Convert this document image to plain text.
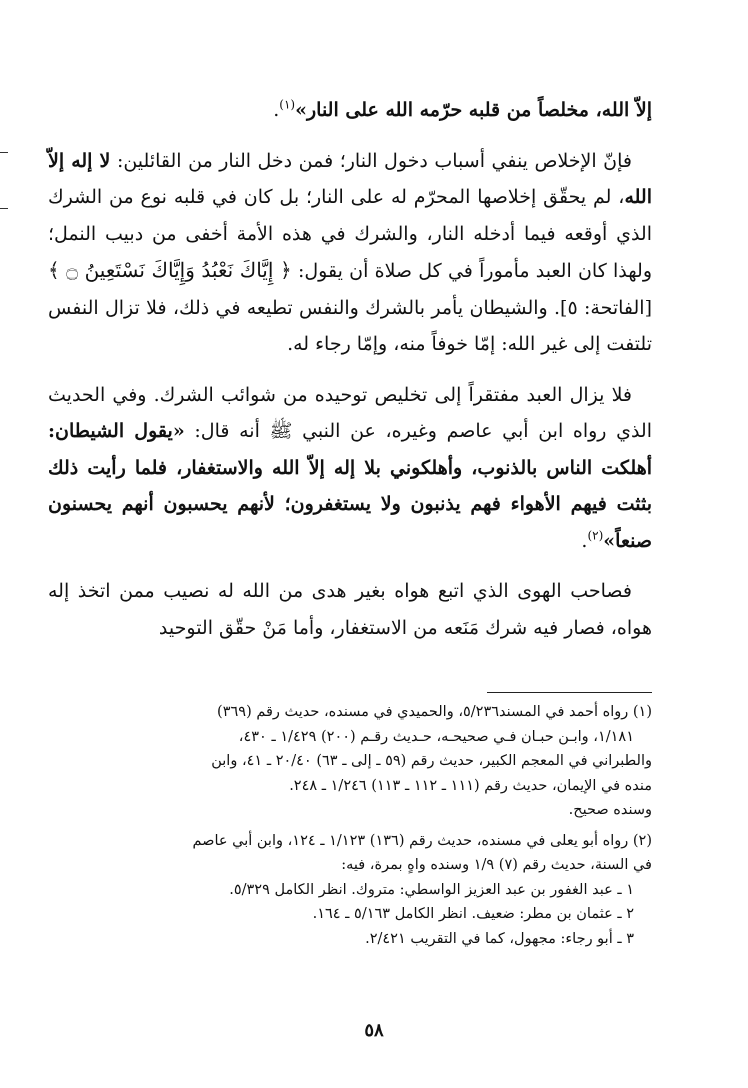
إلاّ الله، مخلصاً من قلبه حرّمه الله على النار»$^{(١)}$.

فإنّ الإخلاص ينفي أسباب دخول النار؛ فمن دخل النار من القائلين: لا إله إلاّ الله، لم يحقّق إخلاصها المحرّم له على النار؛ بل كان في قلبه نوع من الشرك الذي أوقعه فيما أدخله النار، والشرك في هذه الأمة أخفى من دبيب النمل؛ ولهذا كان العبد مأموراً في كل صلاة أن يقول: ﴿ إِيَّاكَ نَعْبُدُ وَإِيَّاكَ نَسْتَعِينُ ۝ ﴾ [الفاتحة: ٥]. والشيطان يأمر بالشرك والنفس تطيعه في ذلك، فلا تزال النفس تلتفت إلى غير الله: إمّا خوفاً منه، وإمّا رجاء له.

فلا يزال العبد مفتقراً إلى تخليص توحيده من شوائب الشرك. وفي الحديث الذي رواه ابن أبي عاصم وغيره، عن النبي ﷺ أنه قال: «يقول الشيطان: أهلكت الناس بالذنوب، وأهلكوني بلا إله إلاّ الله والاستغفار، فلما رأيت ذلك بثثت فيهم الأهواء فهم يذنبون ولا يستغفرون؛ لأنهم يحسبون أنهم يحسنون صنعاً»$^{(٢)}$.

فصاحب الهوى الذي اتبع هواه بغير هدى من الله له نصيب ممن اتخذ إله هواه، فصار فيه شرك مَنَعه من الاستغفار، وأما مَنْ حقّق التوحيد

(١) رواه أحمد في المسند٥/٢٣٦، والحميدي في مسنده، حديث رقم (٣٦٩)
١/١٨١، وابـن حبـان فـي صحيحـه، حـديث رقـم (٢٠٠) ١/٤٢٩ ـ ٤٣٠،
والطبراني في المعجم الكبير، حديث رقم (٥٩ ـ إلى ـ ٦٣) ٢٠/٤٠ ـ ٤١، وابن
منده في الإيمان، حديث رقم (١١١ ـ ١١٢ ـ ١١٣) ١/٢٤٦ ـ ٢٤٨.
وسنده صحيح.
(٢) رواه أبو يعلى في مسنده، حديث رقم (١٣٦) ١/١٢٣ ـ ١٢٤، وابن أبي عاصم
في السنة، حديث رقم (٧) ١/٩ وسنده واهٍ بمرة، فيه:
١ ـ عبد الغفور بن عبد العزيز الواسطي: متروك. انظر الكامل ٥/٣٢٩.
٢ ـ عثمان بن مطر: ضعيف. انظر الكامل ٥/١٦٣ ـ ١٦٤.
٣ ـ أبو رجاء: مجهول، كما في التقريب ٢/٤٢١.
٥٨
